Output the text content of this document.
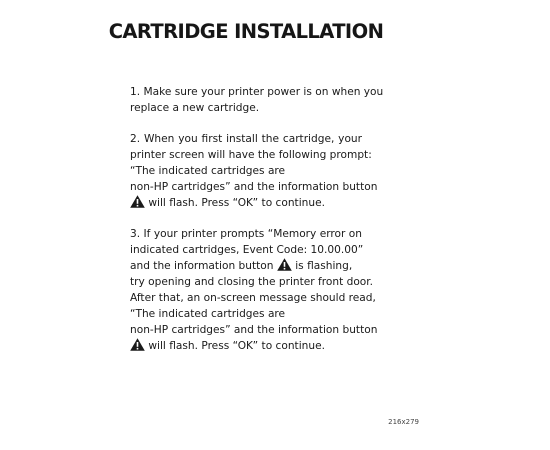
CARTRIDGE INSTALLATION
1. Make sure your printer power is on when you
replace a new cartridge.
2. When you first install the cartridge, your
printer screen will have the following prompt:
“The indicated cartridges are
non-HP cartridges” and the information button
will flash. Press “OK” to continue.
3. If your printer prompts “Memory error on
indicated cartridges, Event Code: 10.00.00”
and the information button
is flashing,
try opening and closing the printer front door.
After that, an on-screen message should read,
“The indicated cartridges are
non-HP cartridges” and the information button
will flash. Press “OK” to continue.
216x279
